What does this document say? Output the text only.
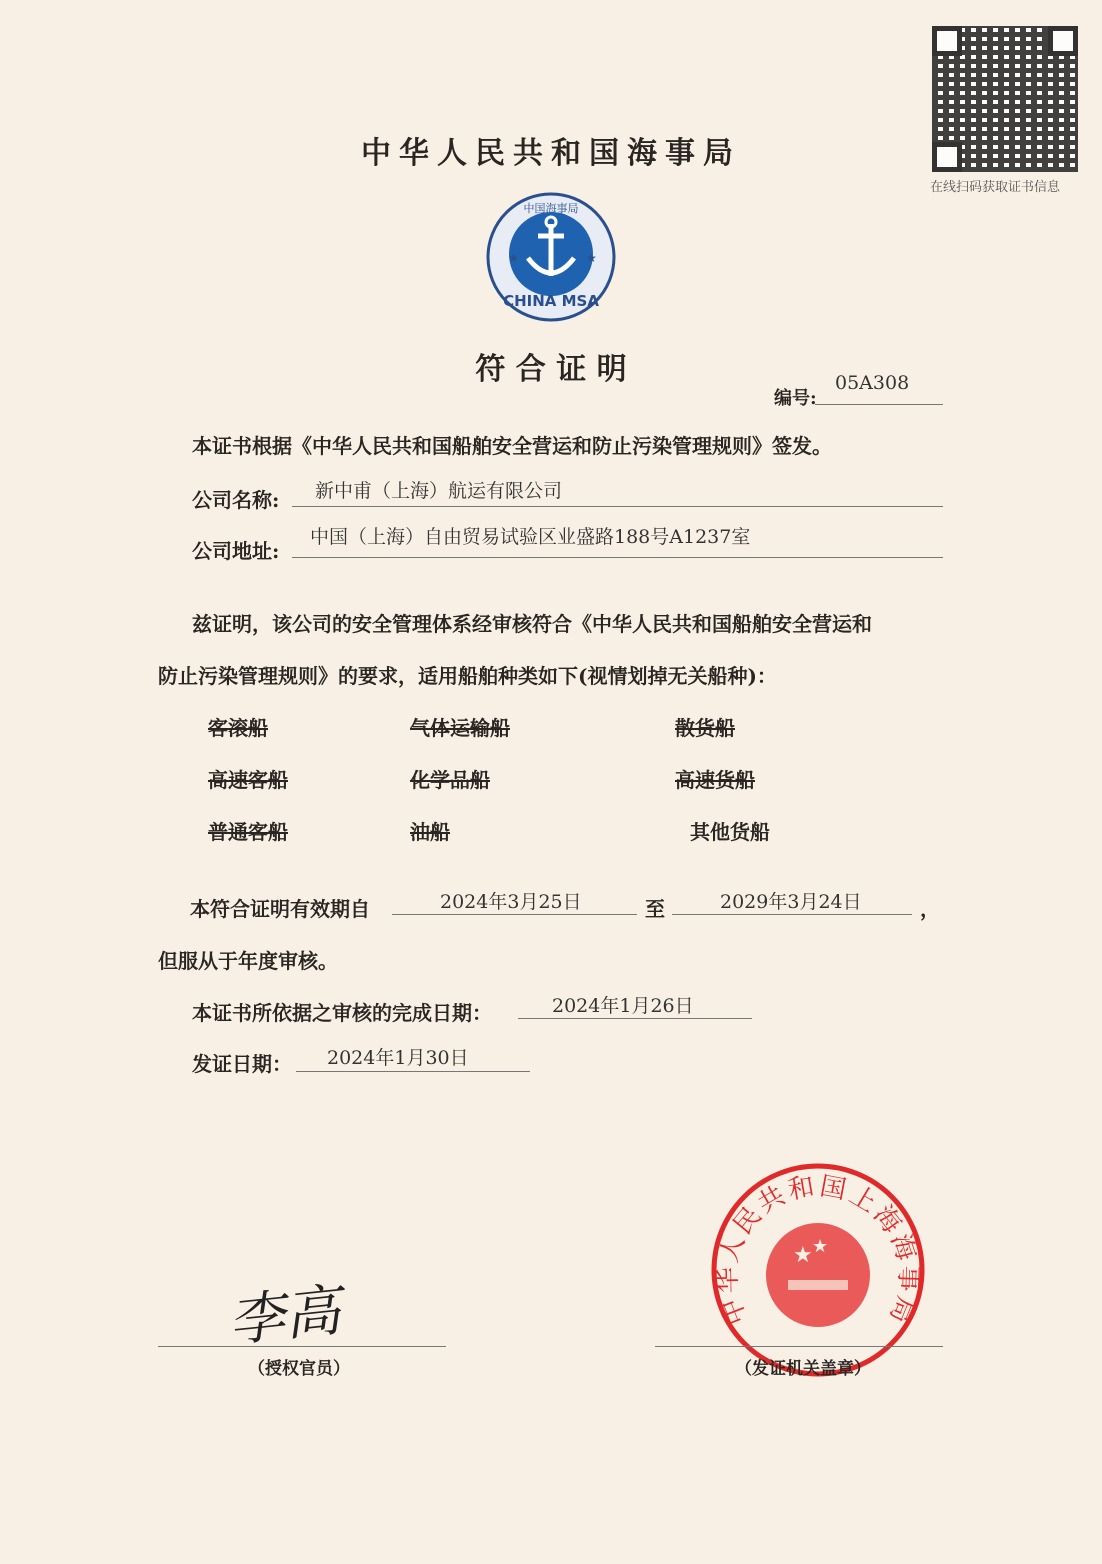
中华人民共和国海事局
在线扫码获取证书信息
★	★
中国海事局
CHINA MSA
符 合 证 明
编号:
05A308
本证书根据《中华人民共和国船舶安全营运和防止污染管理规则》签发。
公司名称: 新中甫（上海）航运有限公司
公司地址:
中国（上海）自由贸易试验区业盛路188号A1237室
兹证明，该公司的安全管理体系经审核符合《中华人民共和国船舶安全营运和
防止污染管理规则》的要求，适用船舶种类如下(视情划掉无关船种)：
客滚船	气体运输船	散货船
高速客船	化学品船	高速货船
普通客船	油船	其他货船
本符合证明有效期自	2024年3月25日	至	2029年3月24日	，
但服从于年度审核。
本证书所依据之审核的完成日期：	2024年1月26日
发证日期： 2024年1月30日
李高
（授权官员）
★ ★
中华人民共和国上海海事局
（发证机关盖章）
